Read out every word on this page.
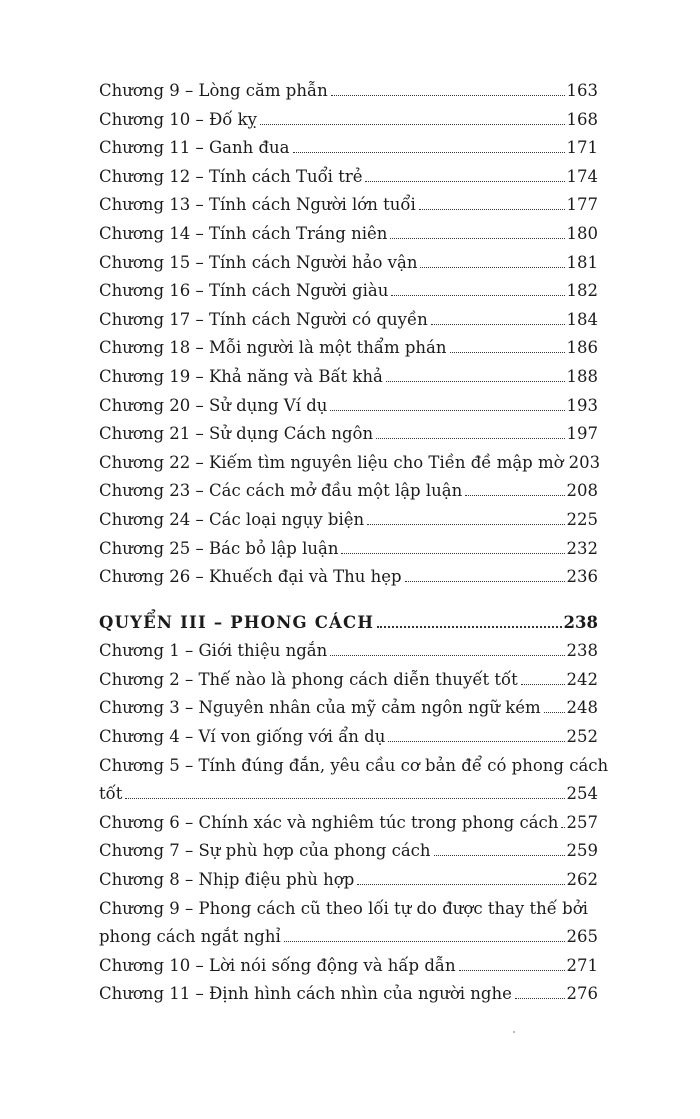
Chương 9 – Lòng căm phẫn	163
Chương 10 – Đố kỵ	168
Chương 11 – Ganh đua	171
Chương 12 – Tính cách Tuổi trẻ	174
Chương 13 – Tính cách Người lớn tuổi	177
Chương 14 – Tính cách Tráng niên	180
Chương 15 – Tính cách Người hảo vận	181
Chương 16 – Tính cách Người giàu	182
Chương 17 – Tính cách Người có quyền	184
Chương 18 – Mỗi người là một thẩm phán	186
Chương 19 – Khả năng và Bất khả	188
Chương 20 – Sử dụng Ví dụ	193
Chương 21 – Sử dụng Cách ngôn	197
Chương 22 – Kiếm tìm nguyên liệu cho Tiền đề mập mờ 203
Chương 23 – Các cách mở đầu một lập luận	208
Chương 24 – Các loại ngụy biện	225
Chương 25 – Bác bỏ lập luận	232
Chương 26 – Khuếch đại và Thu hẹp	236
QUYỂN III – PHONG CÁCH	238
Chương 1 – Giới thiệu ngắn	238
Chương 2 – Thế nào là phong cách diễn thuyết tốt	242
Chương 3 – Nguyên nhân của mỹ cảm ngôn ngữ kém 248
Chương 4 – Ví von giống với ẩn dụ	252
Chương 5 – Tính đúng đắn, yêu cầu cơ bản để có phong cách
tốt	254
Chương 6 – Chính xác và nghiêm túc trong phong cách 257
Chương 7 – Sự phù hợp của phong cách	259
Chương 8 – Nhịp điệu phù hợp	262
Chương 9 – Phong cách cũ theo lối tự do được thay thế bởi
phong cách ngắt nghỉ	265
Chương 10 – Lời nói sống động và hấp dẫn	271
Chương 11 – Định hình cách nhìn của người nghe	276
